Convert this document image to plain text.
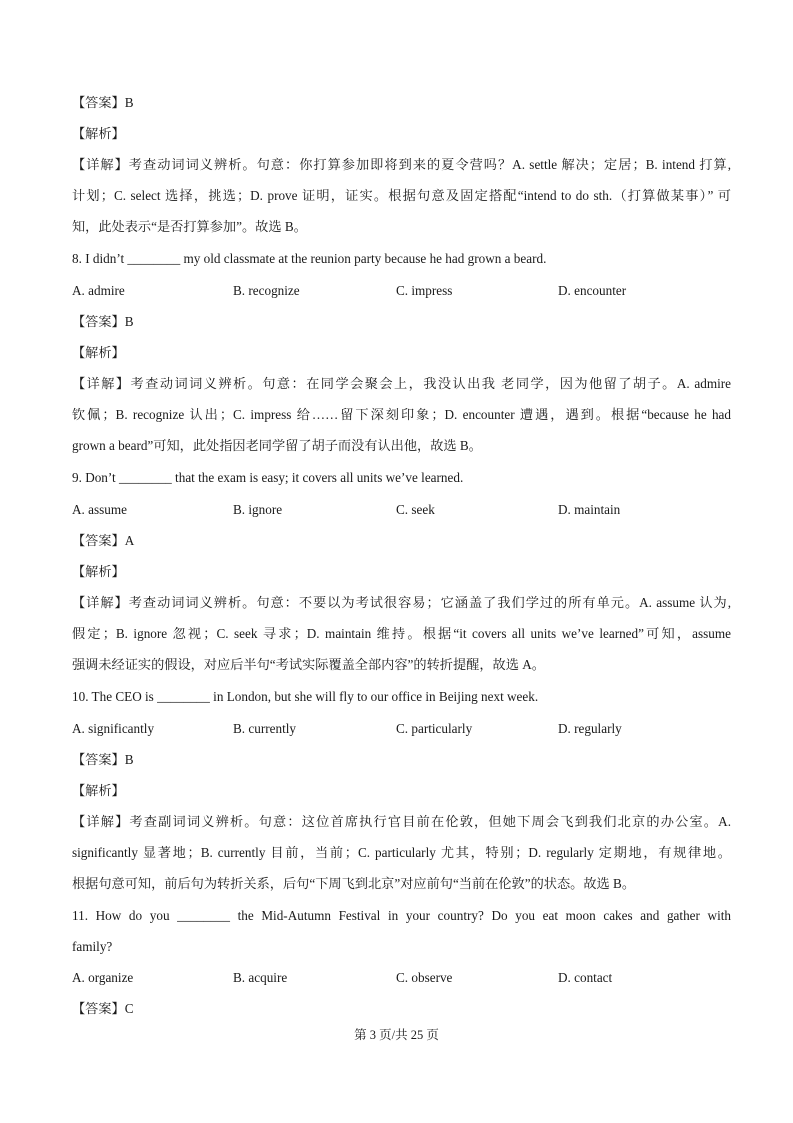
【答案】B
【解析】
【详解】考查动词词义辨析。句意：你打算参加即将到来的夏令营吗？A. settle 解决；定居；B. intend 打算,
计划；C. select 选择，挑选；D. prove 证明，证实。根据句意及固定搭配“intend to do sth.（打算做某事）” 可
知，此处表示“是否打算参加”。故选 B。
8. I didn’t ________ my old classmate at the reunion party because he had grown a beard.
A. admire	B. recognize	C. impress	D. encounter
【答案】B
【解析】
【详解】考查动词词义辨析。句意：在同学会聚会上，我没认出我 老同学，因为他留了胡子。A. admire
钦佩；B. recognize 认出；C. impress 给……留下深刻印象；D. encounter 遭遇，遇到。根据“because he had
grown a beard”可知，此处指因老同学留了胡子而没有认出他，故选 B。
9. Don’t ________ that the exam is easy; it covers all units we’ve learned.
A. assume	B. ignore	C. seek	D. maintain
【答案】A
【解析】
【详解】考查动词词义辨析。句意：不要以为考试很容易；它涵盖了我们学过的所有单元。A. assume 认为,
假定；B. ignore 忽视；C. seek 寻求；D. maintain 维持。根据“it covers all units we’ve learned”可知，assume
强调未经证实的假设，对应后半句“考试实际覆盖全部内容”的转折提醒，故选 A。
10. The CEO is ________ in London, but she will fly to our office in Beijing next week.
A. significantly	B. currently	C. particularly	D. regularly
【答案】B
【解析】
【详解】考查副词词义辨析。句意：这位首席执行官目前在伦敦，但她下周会飞到我们北京的办公室。A.
significantly 显著地；B. currently 目前，当前；C. particularly 尤其，特别；D. regularly 定期地，有规律地。
根据句意可知，前后句为转折关系，后句“下周飞到北京”对应前句“当前在伦敦”的状态。故选 B。
11. How do you ________ the Mid-Autumn Festival in your country? Do you eat moon cakes and gather with
family?
A. organize	B. acquire	C. observe	D. contact
【答案】C
第 3 页/共 25 页
